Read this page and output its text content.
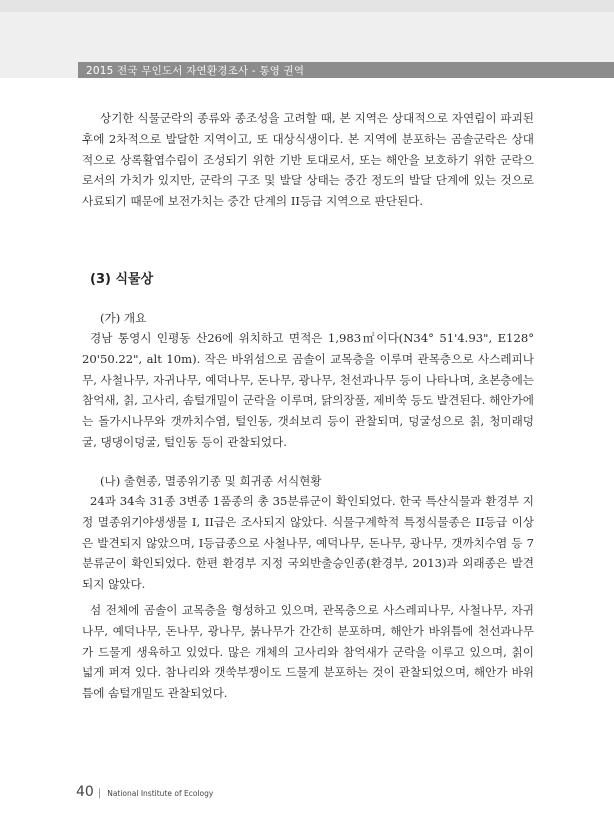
2015 전국 무인도서 자연환경조사 - 통영 권역

상기한 식물군락의 종류와 종조성을 고려할 때, 본 지역은 상대적으로 자연림이 파괴된 후에 2차적으로 발달한 지역이고, 또 대상식생이다. 본 지역에 분포하는 곰솔군락은 상대적으로 상록활엽수림이 조성되기 위한 기반 토대로서, 또는 해안을 보호하기 위한 군락으로서의 가치가 있지만, 군락의 구조 및 발달 상태는 중간 정도의 발달 단계에 있는 것으로 사료되기 때문에 보전가치는 중간 단계의 II등급 지역으로 판단된다.

(3) 식물상
(가) 개요

경남 통영시 인평동 산26에 위치하고 면적은 1,983㎡이다(N34° 51'4.93", E128° 20'50.22", alt 10m). 작은 바위섬으로 곰솔이 교목층을 이루며 관목층으로 사스레피나무, 사철나무, 자귀나무, 예덕나무, 돈나무, 광나무, 천선과나무 등이 나타나며, 초본층에는 참억새, 칡, 고사리, 솜털개밀이 군락을 이루며, 닭의장풀, 제비쑥 등도 발견된다. 해안가에는 돌가시나무와 갯까치수염, 털인동, 갯쇠보리 등이 관찰되며, 덩굴성으로 칡, 청미래덩굴, 댕댕이덩굴, 털인동 등이 관찰되었다.

(나) 출현종, 멸종위기종 및 희귀종 서식현황

24과 34속 31종 3변종 1품종의 총 35분류군이 확인되었다. 한국 특산식물과 환경부 지정 멸종위기야생생물 I, II급은 조사되지 않았다. 식물구계학적 특정식물종은 II등급 이상은 발견되지 않았으며, I등급종으로 사철나무, 예덕나무, 돈나무, 광나무, 갯까치수염 등 7분류군이 확인되었다. 한편 환경부 지정 국외반출승인종(환경부, 2013)과 외래종은 발견되지 않았다.

섬 전체에 곰솔이 교목층을 형성하고 있으며, 관목층으로 사스레피나무, 사철나무, 자귀나무, 예덕나무, 돈나무, 광나무, 붉나무가 간간히 분포하며, 해안가 바위틈에 천선과나무가 드물게 생육하고 있었다. 많은 개체의 고사리와 참억새가 군락을 이루고 있으며, 칡이 넓게 퍼져 있다. 참나리와 갯쑥부쟁이도 드물게 분포하는 것이 관찰되었으며, 해안가 바위틈에 솜털개밀도 관찰되었다.

40 | National Institute of Ecology
